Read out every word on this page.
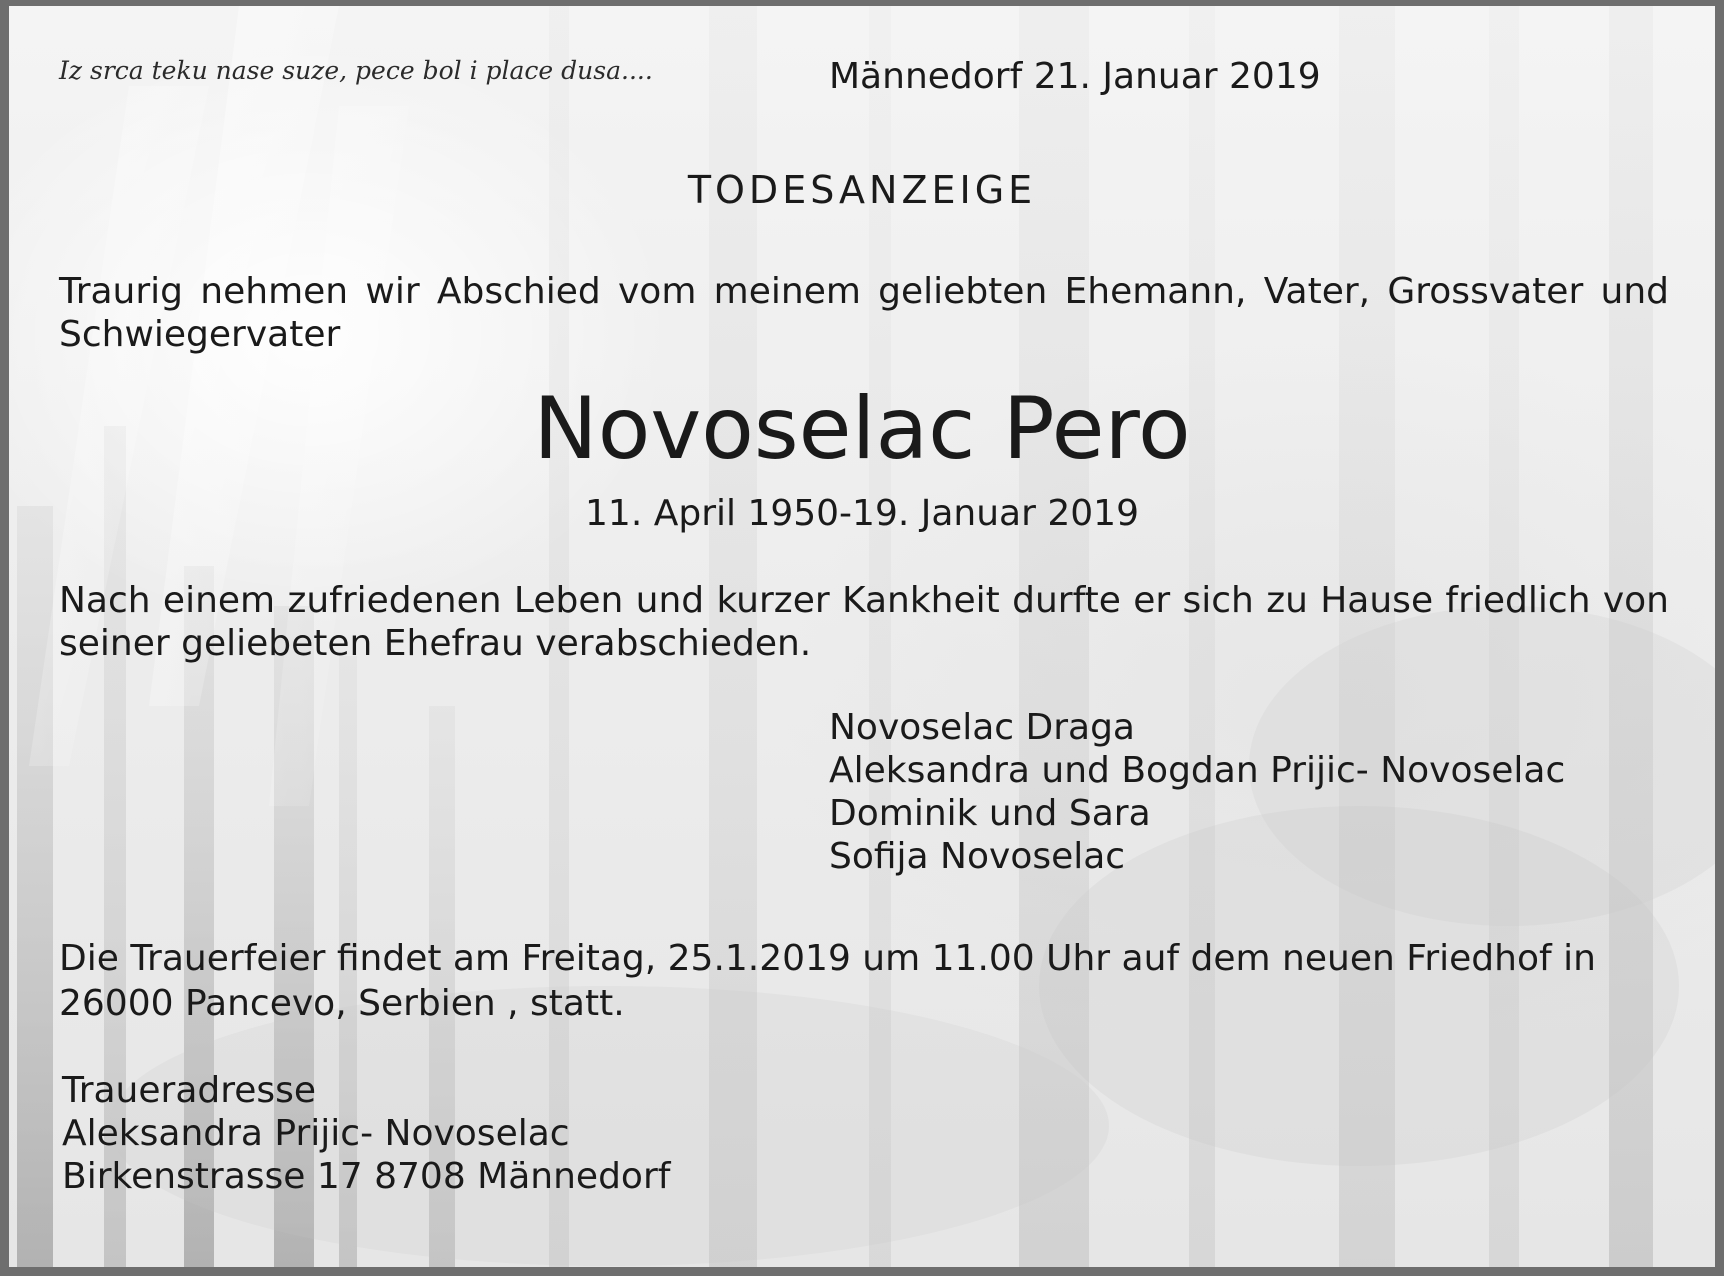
Iz srca teku nase suze, pece bol i place dusa....	Männedorf 21. Januar 2019

TODESANZEIGE

Traurig nehmen wir Abschied vom meinem geliebten Ehemann, Vater, Grossvater und Schwiegervater

Novoselac Pero

11. April 1950-19. Januar 2019

Nach einem zufriedenen Leben und kurzer Kankheit durfte er sich zu Hause friedlich von seiner geliebeten Ehefrau verabschieden.

Novoselac Draga
Aleksandra und Bogdan Prijic- Novoselac
Dominik und Sara
Sofija Novoselac
Die Trauerfeier findet am Freitag, 25.1.2019 um 11.00 Uhr auf dem neuen Friedhof in
26000 Pancevo, Serbien , statt.
Traueradresse
Aleksandra Prijic- Novoselac
Birkenstrasse 17 8708 Männedorf
